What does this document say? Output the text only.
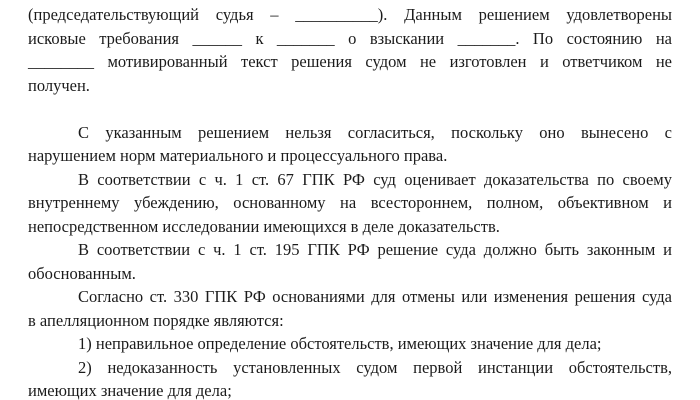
(председательствующий судья – __________). Данным решением удовлетворены
исковые требования ______ к _______ о взыскании _______. По состоянию на
________ мотивированный текст решения судом не изготовлен и ответчиком не
получен.
С указанным решением нельзя согласиться, поскольку оно вынесено с
нарушением норм материального и процессуального права.
В соответствии с ч. 1 ст. 67 ГПК РФ суд оценивает доказательства по своему
внутреннему убеждению, основанному на всестороннем, полном, объективном и
непосредственном исследовании имеющихся в деле доказательств.
В соответствии с ч. 1 ст. 195 ГПК РФ решение суда должно быть законным и
обоснованным.
Согласно ст. 330 ГПК РФ основаниями для отмены или изменения решения суда
в апелляционном порядке являются:
1) неправильное определение обстоятельств, имеющих значение для дела;
2) недоказанность установленных судом первой инстанции обстоятельств,
имеющих значение для дела;
